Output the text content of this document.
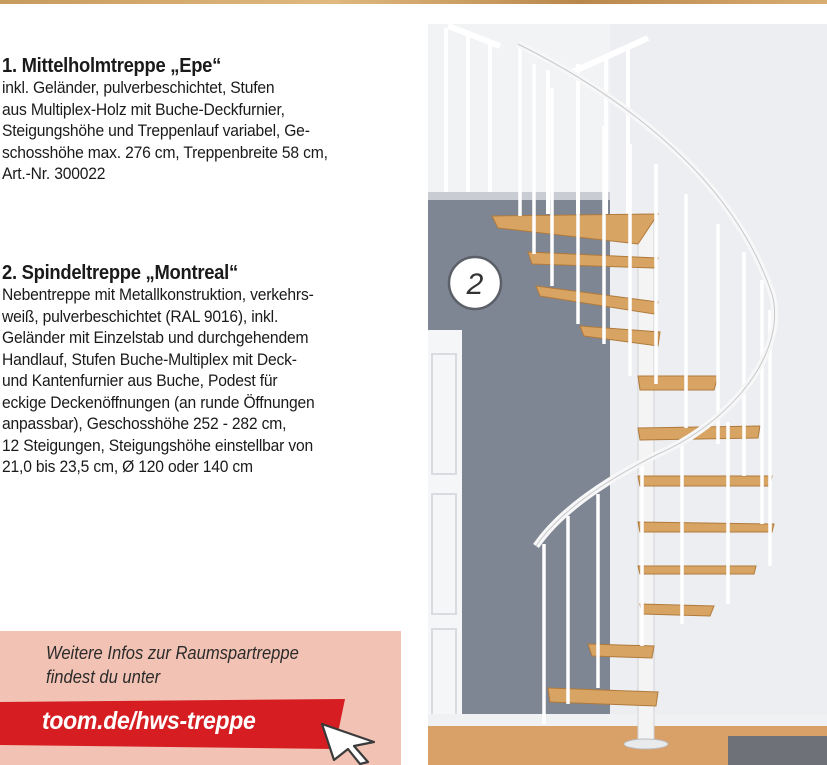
1. Mittelholmtreppe „Epe“

inkl. Geländer, pulverbeschichtet, Stufen
aus Multiplex-Holz mit Buche-Deckfurnier,
Steigungshöhe und Treppenlauf variabel, Ge-
schosshöhe max. 276 cm, Treppenbreite 58 cm,
Art.-Nr. 300022

2. Spindeltreppe „Montreal“

Nebentreppe mit Metallkonstruktion, verkehrs-
weiß, pulverbeschichtet (RAL 9016), inkl.
Geländer mit Einzelstab und durchgehendem
Handlauf, Stufen Buche-Multiplex mit Deck-
und Kantenfurnier aus Buche, Podest für
eckige Deckenöffnungen (an runde Öffnungen
anpassbar), Geschosshöhe 252 - 282 cm,
12 Steigungen, Steigungshöhe einstellbar von
21,0 bis 23,5 cm, Ø 120 oder 140 cm

Weitere Infos zur Raumspartreppe
findest du unter

toom.de/hws-treppe
2
